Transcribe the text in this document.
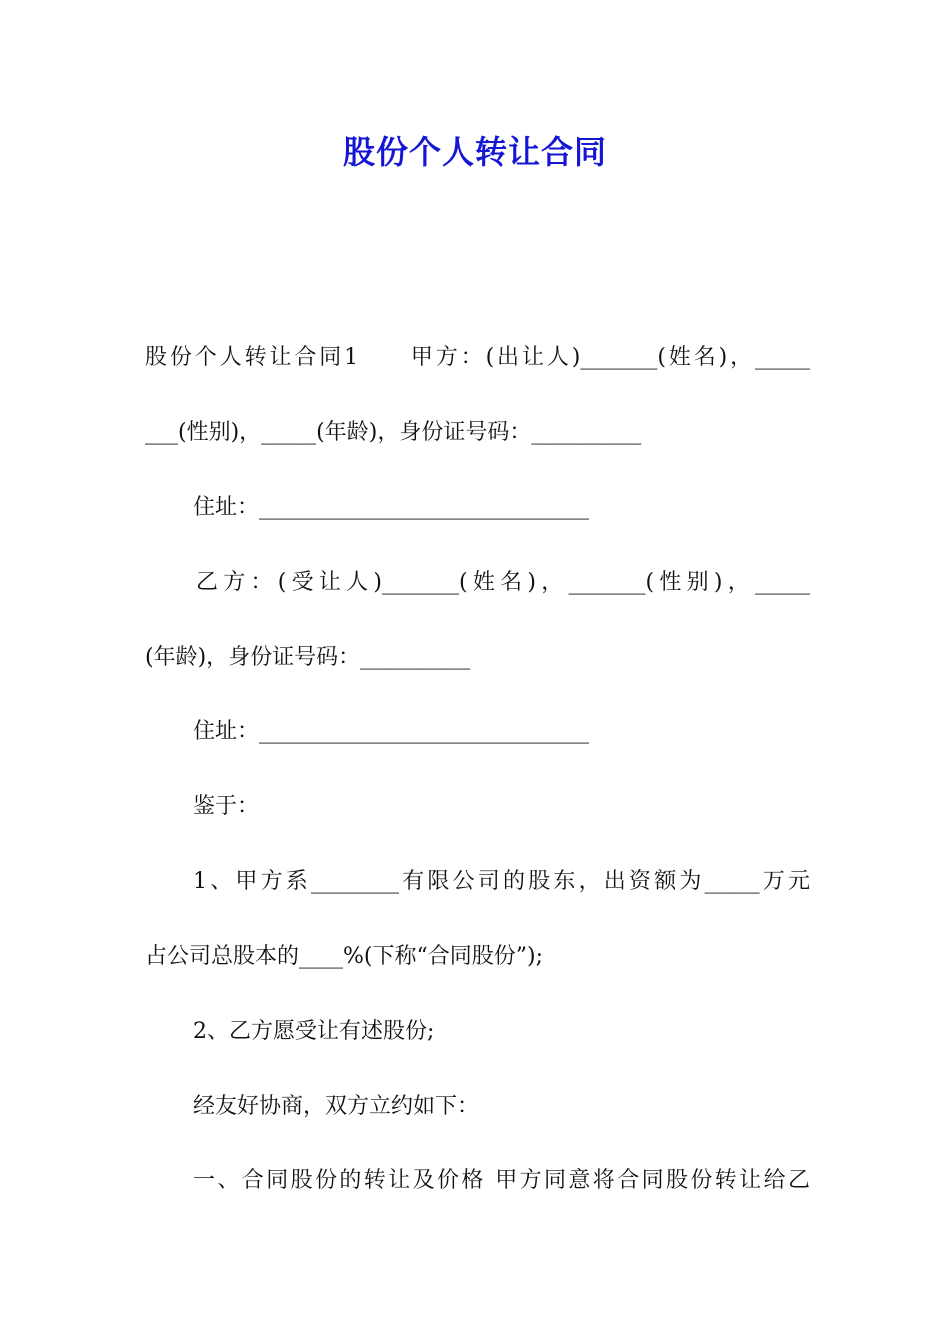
股份个人转让合同
股份个人转让合同1　　甲方：(出让人)_______(姓名)，_____
___(性别)，_____(年龄)，身份证号码：__________
住址：______________________________
乙方：(受让人)_______(姓名)，_______(性别)，_____
(年龄)，身份证号码：__________
住址：______________________________
鉴于：
1、甲方系________有限公司的股东，出资额为_____万元
占公司总股本的____%(下称“合同股份”);
2、乙方愿受让有述股份;
经友好协商，双方立约如下：
一、合同股份的转让及价格 甲方同意将合同股份转让给乙
